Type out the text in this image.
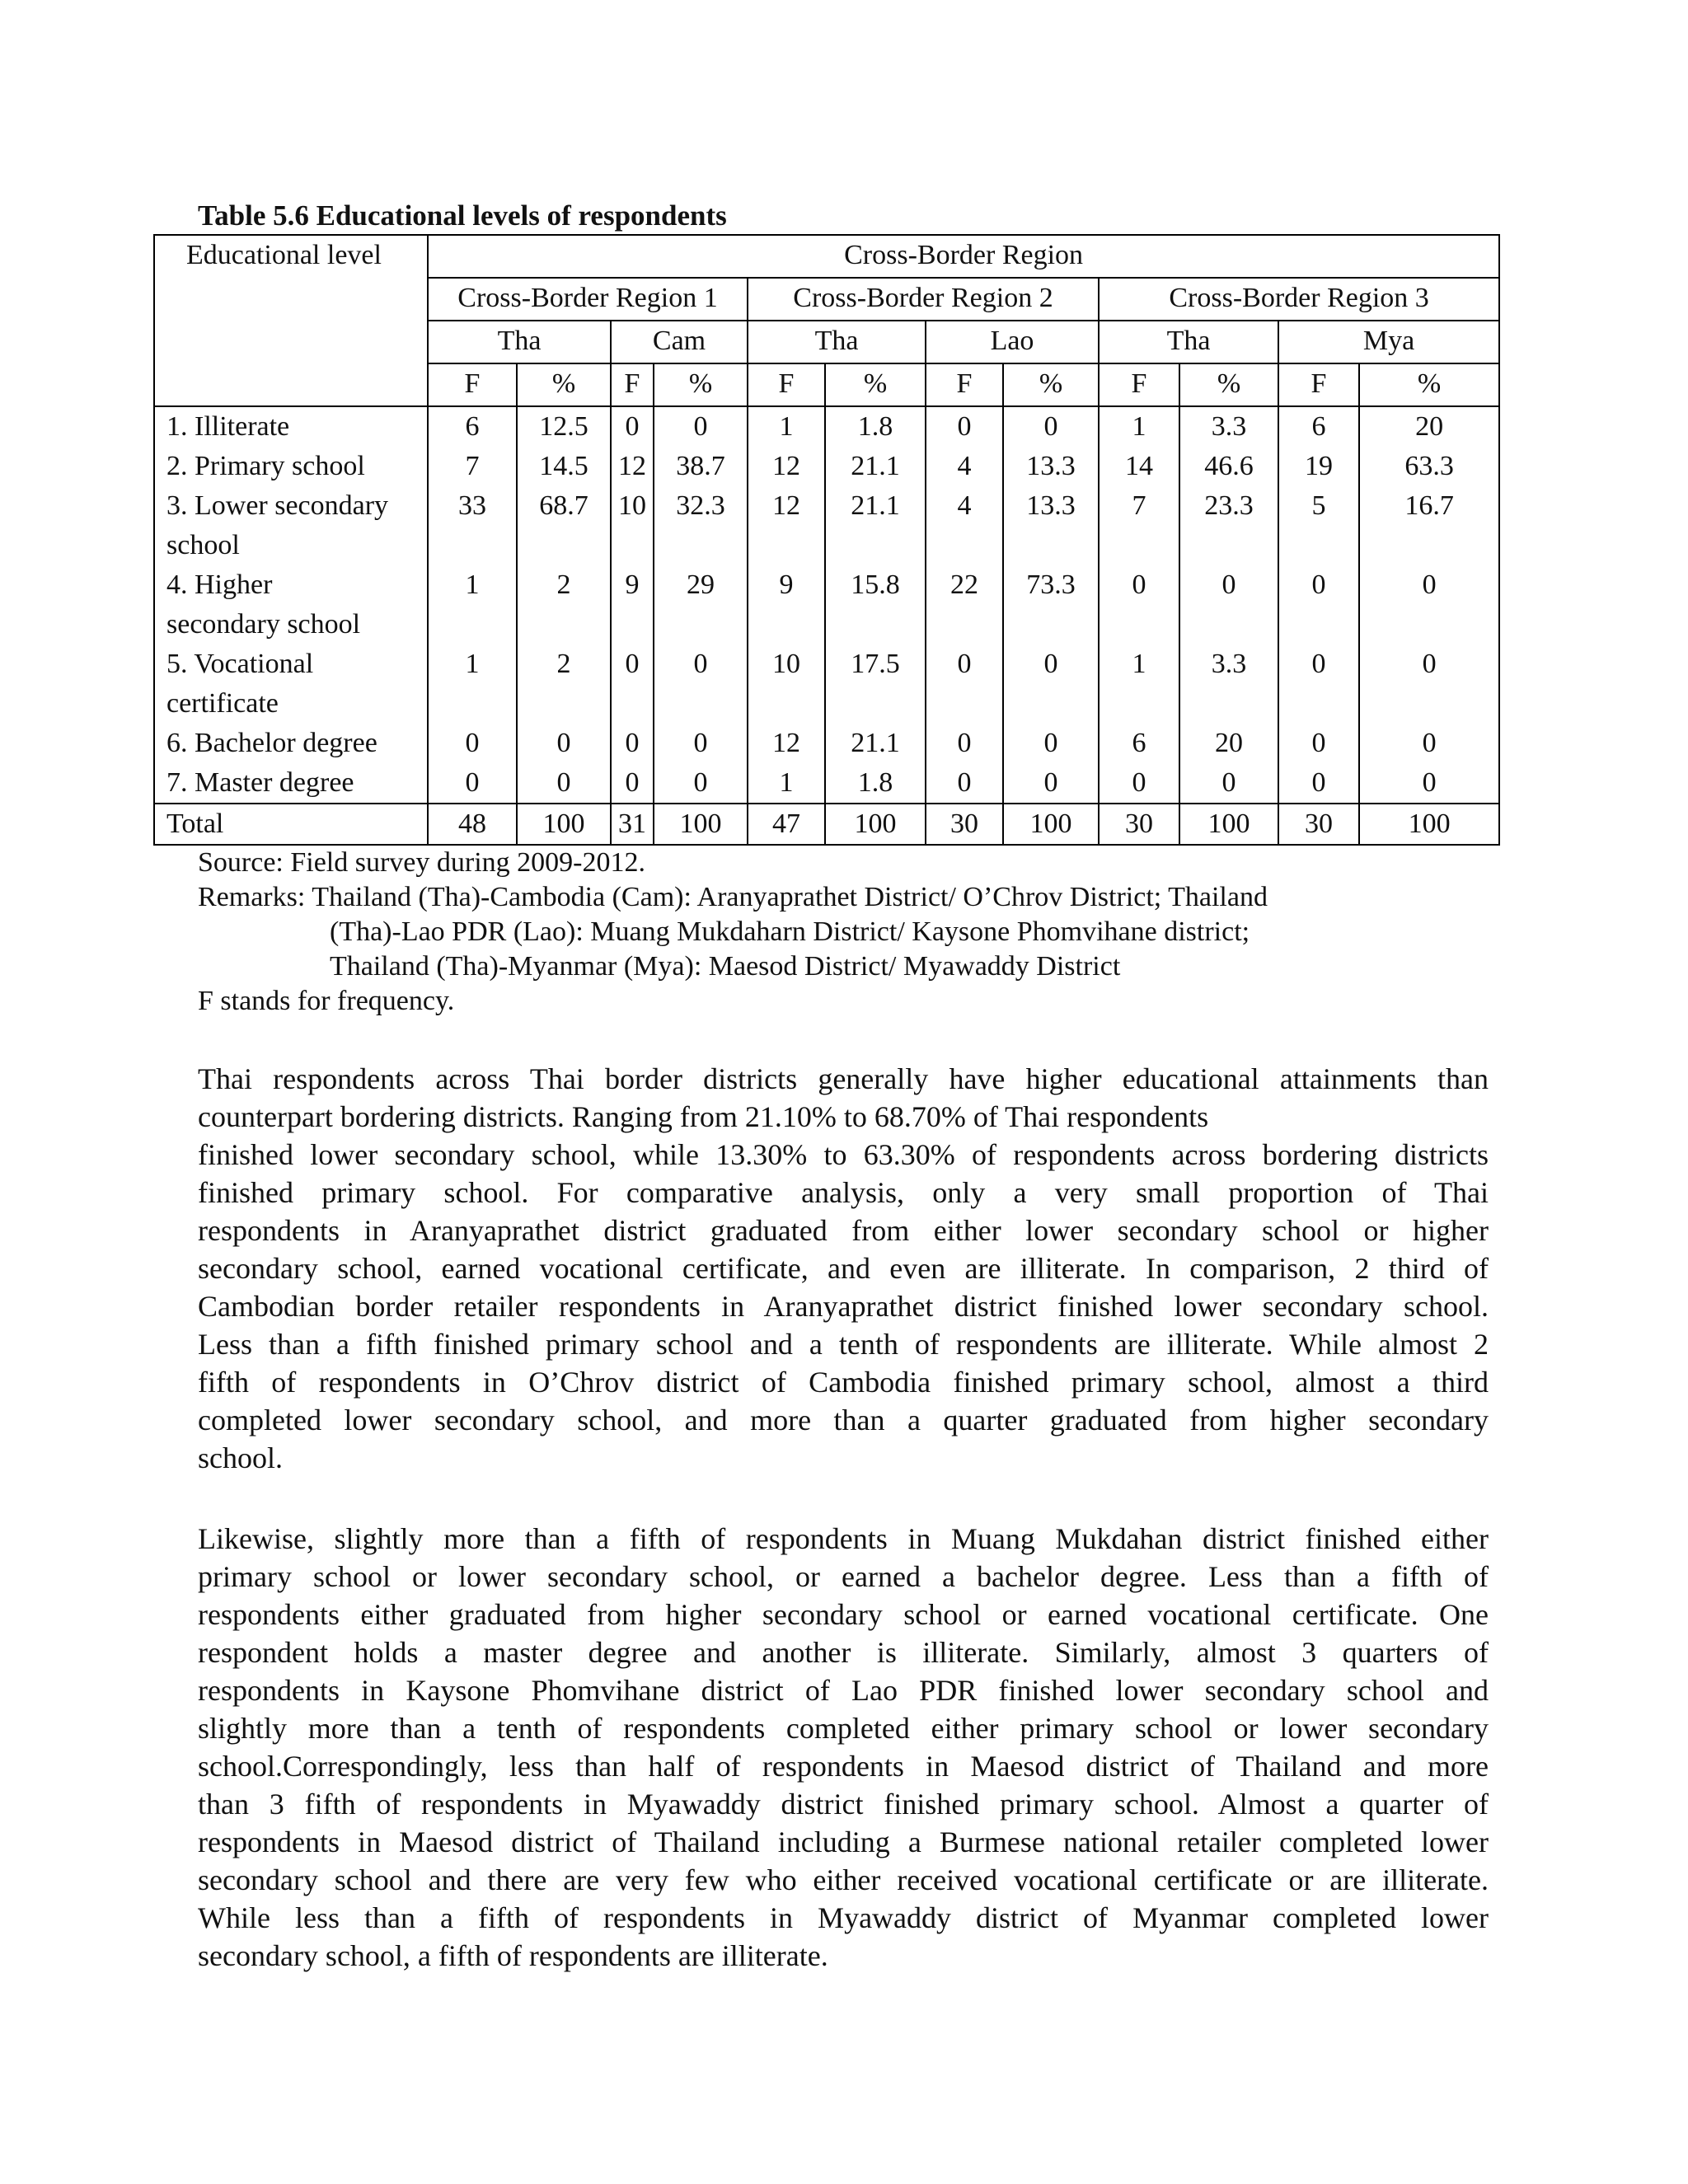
Table 5.6 Educational levels of respondents
Educational level	Cross-Border Region											
	Cross-Border Region 1				Cross-Border Region 2				Cross-Border Region 3			
	Tha		Cam		Tha		Lao		Tha		Mya	
	F	%	F	%	F	%	F	%	F	%	F	%

1. Illiterate	6	12.5	0	0	1	1.8	0	0	1	3.3	6	20

2. Primary school	7	14.5	12	38.7	12	21.1	4	13.3	14	46.6	19	63.3

3. Lower secondary
school	33	68.7	10	32.3	12	21.1	4	13.3	7	23.3	5	16.7

4. Higher
secondary school	1	2	9	29	9	15.8	22	73.3	0	0	0	0

5. Vocational
certificate	1	2	0	0	10	17.5	0	0	1	3.3	0	0

6. Bachelor degree	0	0	0	0	12	21.1	0	0	6	20	0	0

7. Master degree	0	0	0	0	1	1.8	0	0	0	0	0	0
Total	48	100	31	100	47	100	30	100	30	100	30	100
Source: Field survey during 2009-2012.
Remarks: Thailand (Tha)-Cambodia (Cam): Aranyaprathet District/ O’Chrov District; Thailand
(Tha)-Lao PDR (Lao): Muang Mukdaharn District/ Kaysone Phomvihane district;
Thailand (Tha)-Myanmar (Mya): Maesod District/ Myawaddy District
F stands for frequency.
Thai respondents across Thai border districts generally have higher educational attainments than
counterpart bordering districts. Ranging from 21.10% to 68.70% of Thai respondents
finished lower secondary school, while 13.30% to 63.30% of respondents across bordering districts
finished primary school. For comparative analysis, only a very small proportion of Thai
respondents in Aranyaprathet district graduated from either lower secondary school or higher
secondary school, earned vocational certificate, and even are illiterate. In comparison, 2 third of
Cambodian border retailer respondents in Aranyaprathet district finished lower secondary school.
Less than a fifth finished primary school and a tenth of respondents are illiterate. While almost 2
fifth of respondents in O’Chrov district of Cambodia finished primary school, almost a third
completed lower secondary school, and more than a quarter graduated from higher secondary
school.
Likewise, slightly more than a fifth of respondents in Muang Mukdahan district finished either
primary school or lower secondary school, or earned a bachelor degree. Less than a fifth of
respondents either graduated from higher secondary school or earned vocational certificate. One
respondent holds a master degree and another is illiterate. Similarly, almost 3 quarters of
respondents in Kaysone Phomvihane district of Lao PDR finished lower secondary school and
slightly more than a tenth of respondents completed either primary school or lower secondary
school.Correspondingly, less than half of respondents in Maesod district of Thailand and more
than 3 fifth of respondents in Myawaddy district finished primary school. Almost a quarter of
respondents in Maesod district of Thailand including a Burmese national retailer completed lower
secondary school and there are very few who either received vocational certificate or are illiterate.
While less than a fifth of respondents in Myawaddy district of Myanmar completed lower
secondary school, a fifth of respondents are illiterate.
